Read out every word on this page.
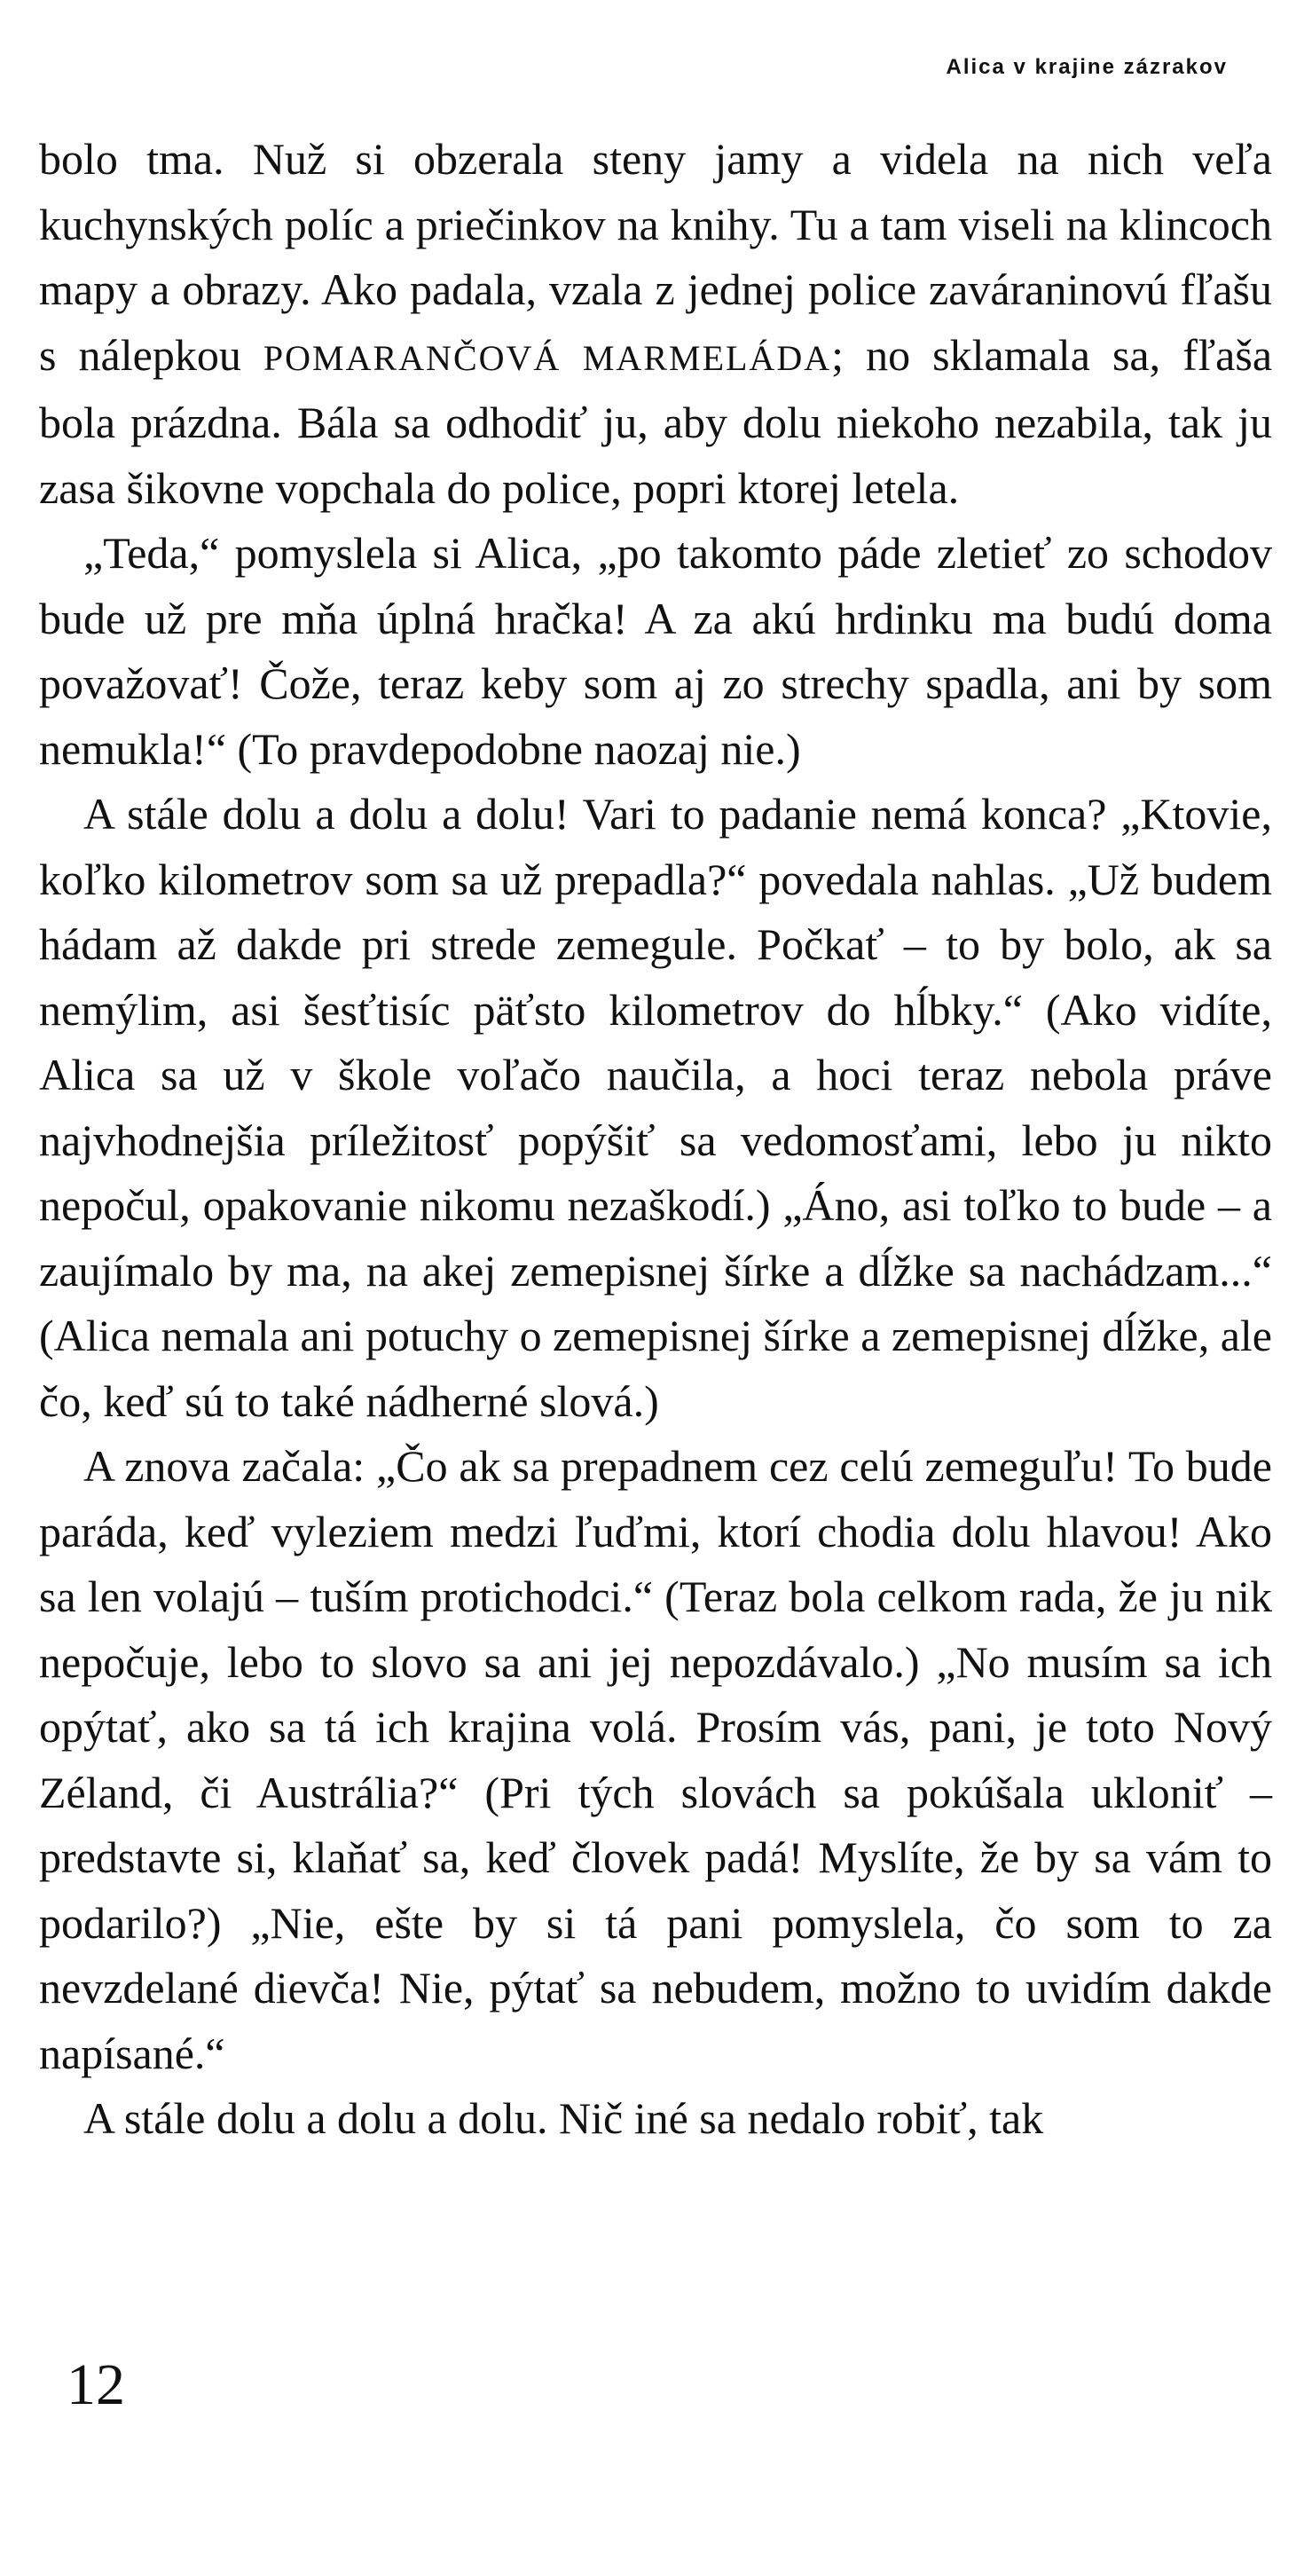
Alica v krajine zázrakov

bolo tma. Nuž si obzerala steny jamy a videla na nich veľa kuchynských políc a priečinkov na knihy. Tu a tam viseli na klincoch mapy a obrazy. Ako padala, vzala z jednej police zaváraninovú fľašu s nálepkou POMARANČOVÁ MARMELÁDA; no sklamala sa, fľaša bola prázdna. Bála sa odhodiť ju, aby dolu niekoho nezabila, tak ju zasa šikovne vopchala do police, popri ktorej letela.

„Teda,“ pomyslela si Alica, „po takomto páde zletieť zo schodov bude už pre mňa úplná hračka! A za akú hrdinku ma budú doma považovať! Čože, teraz keby som aj zo strechy spadla, ani by som nemukla!“ (To pravdepodobne naozaj nie.)

A stále dolu a dolu a dolu! Vari to padanie nemá konca? „Ktovie, koľko kilometrov som sa už prepadla?“ povedala nahlas. „Už budem hádam až dakde pri strede zemegule. Počkať – to by bolo, ak sa nemýlim, asi šesťtisíc päťsto kilometrov do hĺbky.“ (Ako vidíte, Alica sa už v škole voľačo naučila, a hoci teraz nebola práve najvhodnejšia príležitosť popýšiť sa vedomosťami, lebo ju nikto nepočul, opakovanie nikomu nezaškodí.) „Áno, asi toľko to bude – a zaujímalo by ma, na akej zemepisnej šírke a dĺžke sa nachádzam...“ (Alica nemala ani potuchy o zemepisnej šírke a zemepisnej dĺžke, ale čo, keď sú to také nádherné slová.)

A znova začala: „Čo ak sa prepadnem cez celú zemeguľu! To bude paráda, keď vyleziem medzi ľuďmi, ktorí chodia dolu hlavou! Ako sa len volajú – tuším protichodci.“ (Teraz bola celkom rada, že ju nik nepočuje, lebo to slovo sa ani jej nepozdávalo.) „No musím sa ich opýtať, ako sa tá ich krajina volá. Prosím vás, pani, je toto Nový Zéland, či Austrália?“ (Pri tých slovách sa pokúšala ukloniť – predstavte si, klaňať sa, keď človek padá! Myslíte, že by sa vám to podarilo?) „Nie, ešte by si tá pani pomyslela, čo som to za nevzdelané dievča! Nie, pýtať sa nebudem, možno to uvidím dakde napísané.“

A stále dolu a dolu a dolu. Nič iné sa nedalo robiť, tak

12
